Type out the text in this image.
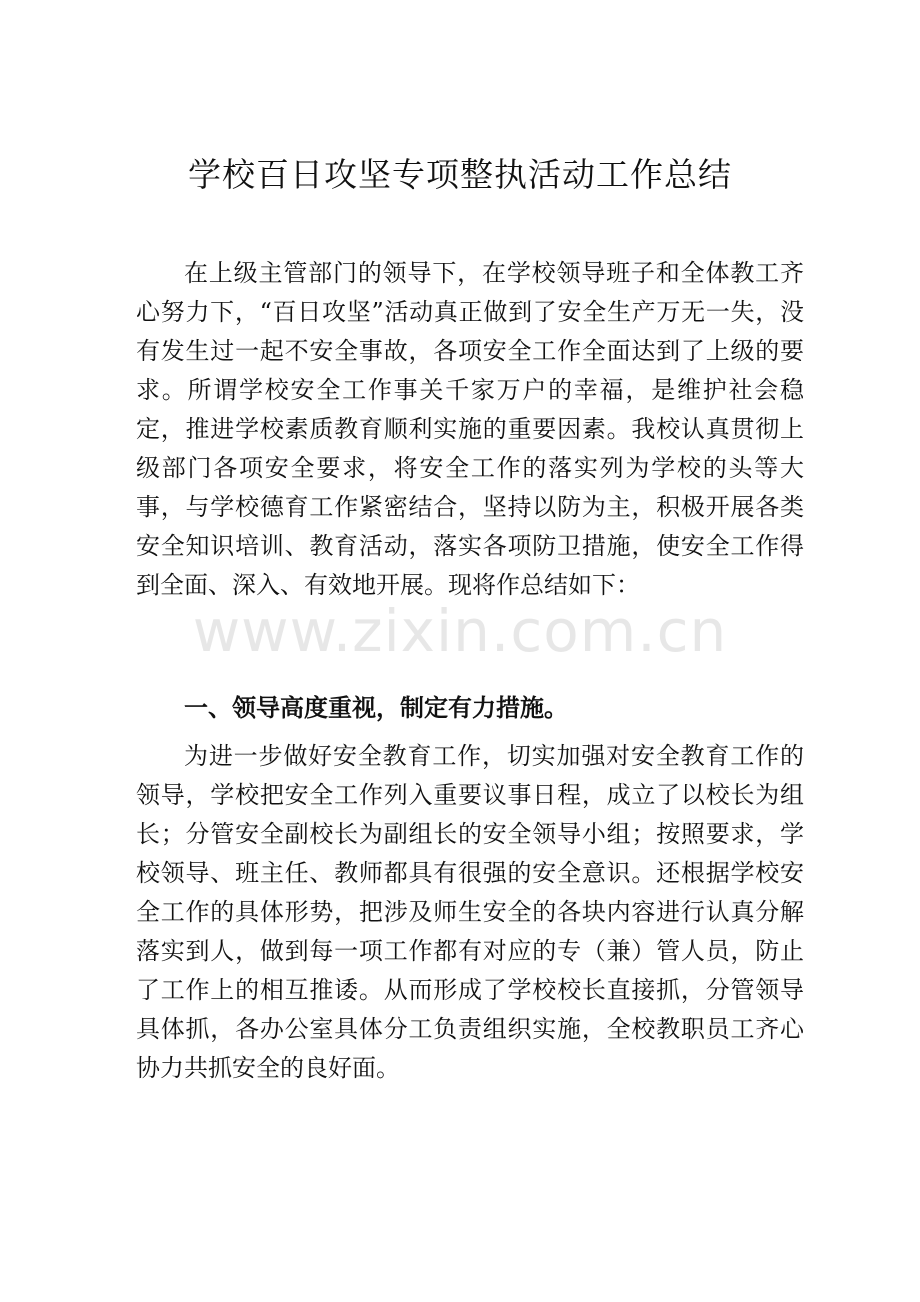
学校百日攻坚专项整执活动工作总结
在上级主管部门的领导下，在学校领导班子和全体教工齐心努力下，“百日攻坚”活动真正做到了安全生产万无一失，没有发生过一起不安全事故，各项安全工作全面达到了上级的要求。所谓学校安全工作事关千家万户的幸福，是维护社会稳定，推进学校素质教育顺利实施的重要因素。我校认真贯彻上级部门各项安全要求，将安全工作的落实列为学校的头等大事，与学校德育工作紧密结合，坚持以防为主，积极开展各类安全知识培训、教育活动，落实各项防卫措施，使安全工作得到全面、深入、有效地开展。现将作总结如下：
一、领导高度重视，制定有力措施。
为进一步做好安全教育工作，切实加强对安全教育工作的领导，学校把安全工作列入重要议事日程，成立了以校长为组长；分管安全副校长为副组长的安全领导小组；按照要求，学校领导、班主任、教师都具有很强的安全意识。还根据学校安全工作的具体形势，把涉及师生安全的各块内容进行认真分解落实到人，做到每一项工作都有对应的专（兼）管人员，防止了工作上的相互推诿。从而形成了学校校长直接抓，分管领导具体抓，各办公室具体分工负责组织实施，全校教职员工齐心协力共抓安全的良好面。
www.zixin.com.cn
